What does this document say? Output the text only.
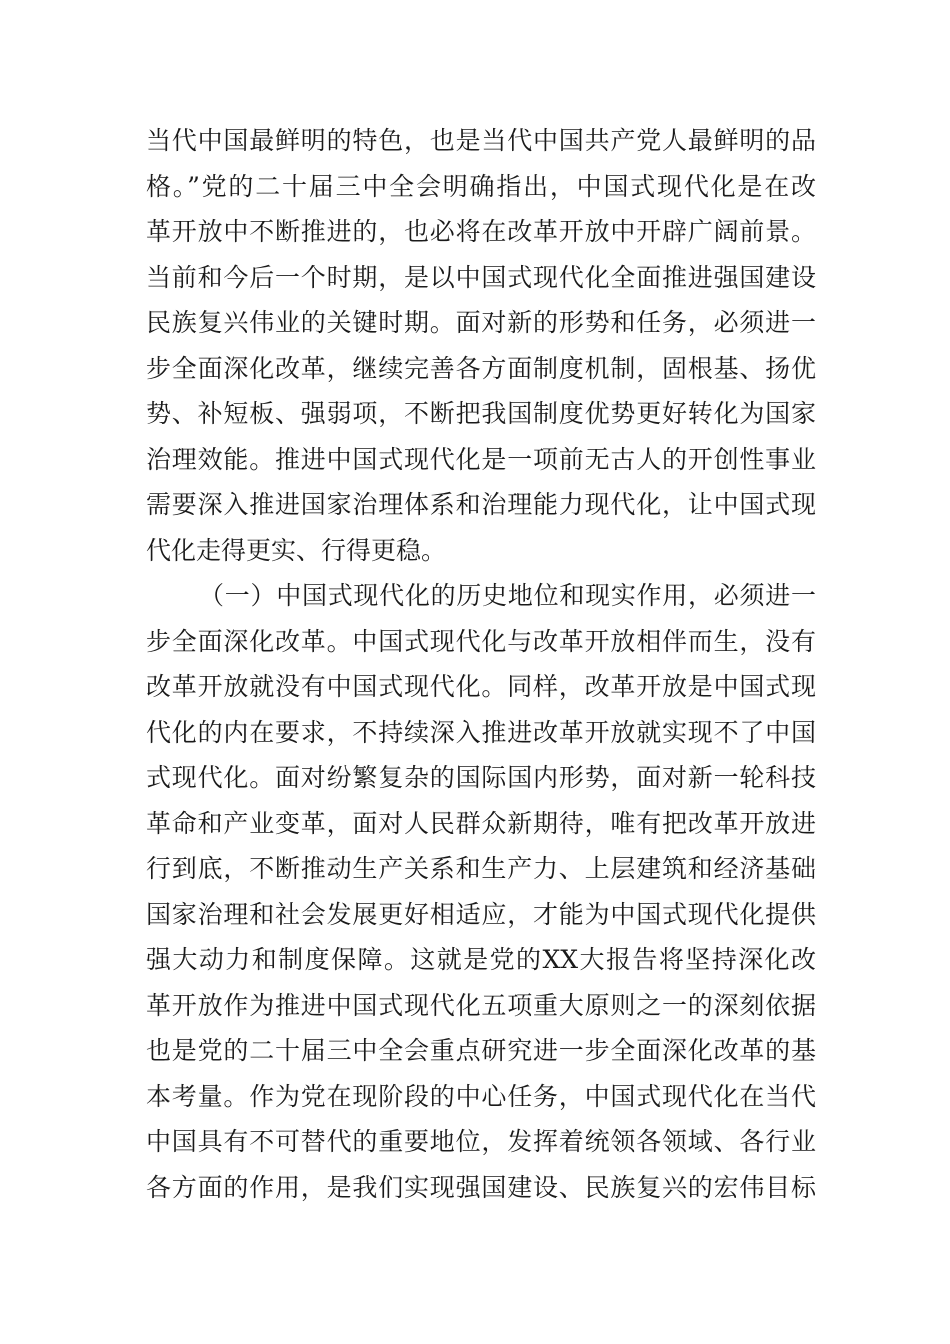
当代中国最鲜明的特色，也是当代中国共产党人最鲜明的品
格。”党的二十届三中全会明确指出，中国式现代化是在改
革开放中不断推进的，也必将在改革开放中开辟广阔前景。
当前和今后一个时期，是以中国式现代化全面推进强国建设
民族复兴伟业的关键时期。面对新的形势和任务，必须进一
步全面深化改革，继续完善各方面制度机制，固根基、扬优
势、补短板、强弱项，不断把我国制度优势更好转化为国家
治理效能。推进中国式现代化是一项前无古人的开创性事业
需要深入推进国家治理体系和治理能力现代化，让中国式现
代化走得更实、行得更稳。
（一）中国式现代化的历史地位和现实作用，必须进一
步全面深化改革。中国式现代化与改革开放相伴而生，没有
改革开放就没有中国式现代化。同样，改革开放是中国式现
代化的内在要求，不持续深入推进改革开放就实现不了中国
式现代化。面对纷繁复杂的国际国内形势，面对新一轮科技
革命和产业变革，面对人民群众新期待，唯有把改革开放进
行到底，不断推动生产关系和生产力、上层建筑和经济基础
国家治理和社会发展更好相适应，才能为中国式现代化提供
强大动力和制度保障。这就是党的XX大报告将坚持深化改
革开放作为推进中国式现代化五项重大原则之一的深刻依据
也是党的二十届三中全会重点研究进一步全面深化改革的基
本考量。作为党在现阶段的中心任务，中国式现代化在当代
中国具有不可替代的重要地位，发挥着统领各领域、各行业
各方面的作用，是我们实现强国建设、民族复兴的宏伟目标
